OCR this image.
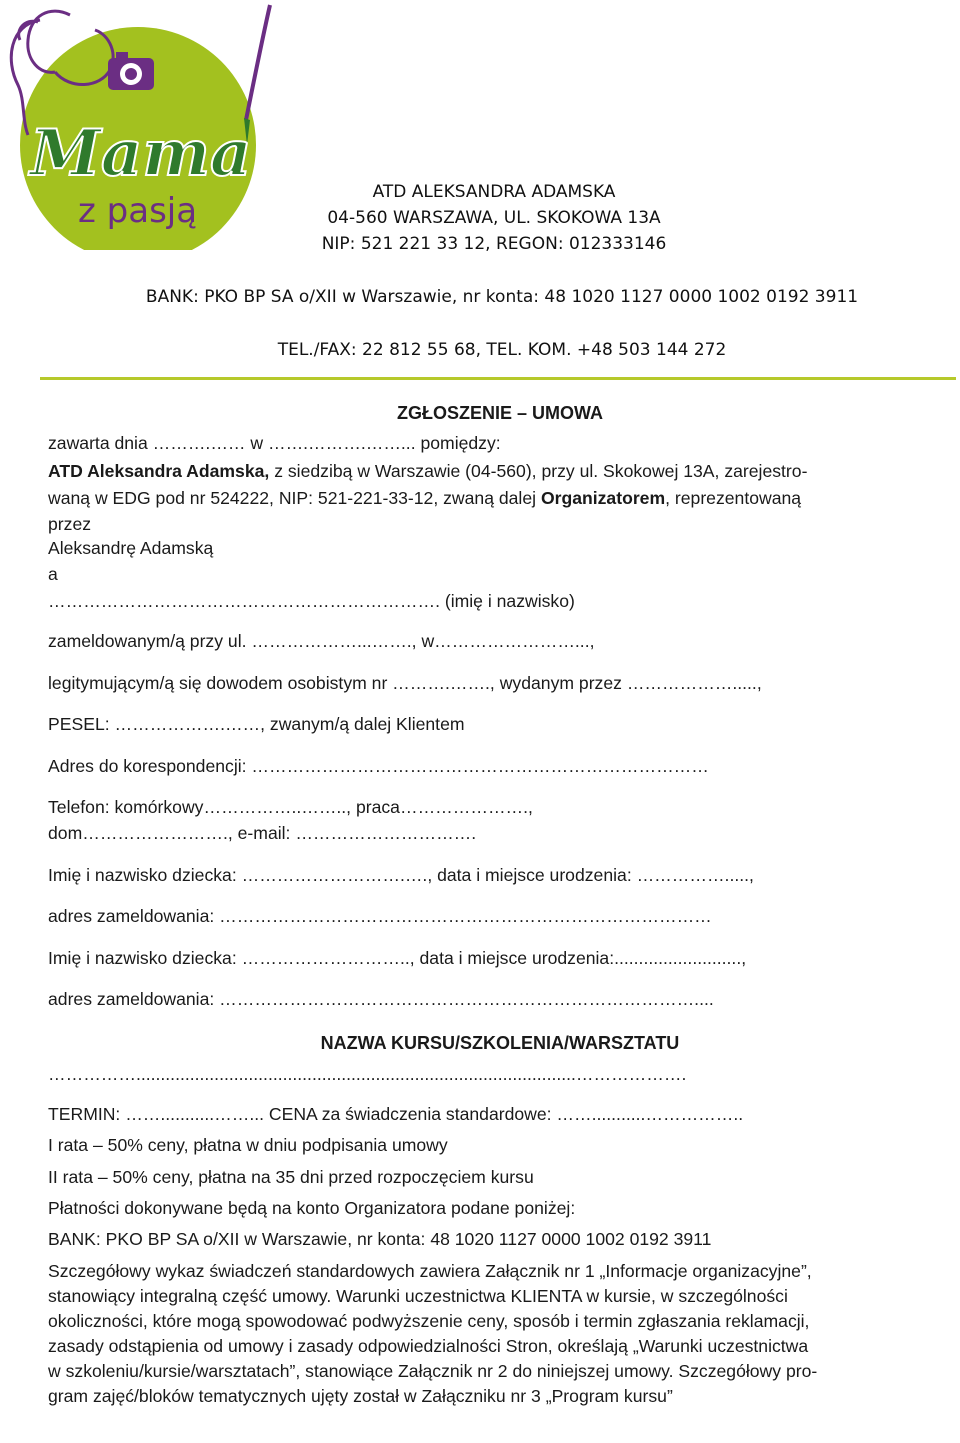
Mama
z pasją	ATD ALEKSANDRA ADAMSKA
04-560 WARSZAWA, UL. SKOKOWA 13A
NIP: 521 221 33 12, REGON: 012333146
BANK: PKO BP SA o/XII w Warszawie, nr konta: 48 1020 1127 0000 1002 0192 3911
TEL./FAX: 22 812 55 68, TEL. KOM. +48 503 144 272
ZGŁOSZENIE – UMOWA
zawarta dnia ……….…… w …….……….……... pomiędzy:
ATD Aleksandra Adamska, z siedzibą w Warszawie (04-560), przy ul. Skokowej 13A, zarejestro-
waną w EDG pod nr 524222, NIP: 521-221-33-12, zwaną dalej Organizatorem, reprezentowaną
przez
Aleksandrę Adamską
a
…………………………………………………………. (imię i nazwisko)
zameldowanym/ą przy ul. ………………...……., w……………………...,
legitymującym/ą się dowodem osobistym nr ……….……., wydanym przez ……………….....,
PESEL: ……………….……, zwanym/ą dalej Klientem
Adres do korespondencji: ……………………………………………………………………
Telefon: komórkowy……………..…….., praca………………….,
dom……………………., e-mail: ………………………….
Imię i nazwisko dziecka: ……………………….…., data i miejsce urodzenia: …………….....,
adres zameldowania: …………………………………………………………………………
Imię i nazwisko dziecka: ……………………….., data i miejsce urodzenia:..........................,
adres zameldowania: ………………………………………………………………………....
NAZWA KURSU/SZKOLENIA/WARSZTATU
……………..........................................................................................……………….
TERMIN: ……...........……... CENA za świadczenia standardowe: ……...........……………..
I rata – 50% ceny, płatna w dniu podpisania umowy
II rata – 50% ceny, płatna na 35 dni przed rozpoczęciem kursu
Płatności dokonywane będą na konto Organizatora podane poniżej:
BANK: PKO BP SA o/XII w Warszawie, nr konta: 48 1020 1127 0000 1002 0192 3911
Szczegółowy wykaz świadczeń standardowych zawiera Załącznik nr 1 „Informacje organizacyjne”,
stanowiący integralną część umowy. Warunki uczestnictwa KLIENTA w kursie, w szczególności
okoliczności, które mogą spowodować podwyższenie ceny, sposób i termin zgłaszania reklamacji,
zasady odstąpienia od umowy i zasady odpowiedzialności Stron, określają „Warunki uczestnictwa
w szkoleniu/kursie/warsztatach”, stanowiące Załącznik nr 2 do niniejszej umowy. Szczegółowy pro-
gram zajęć/bloków tematycznych ujęty został w Załączniku nr 3 „Program kursu”
